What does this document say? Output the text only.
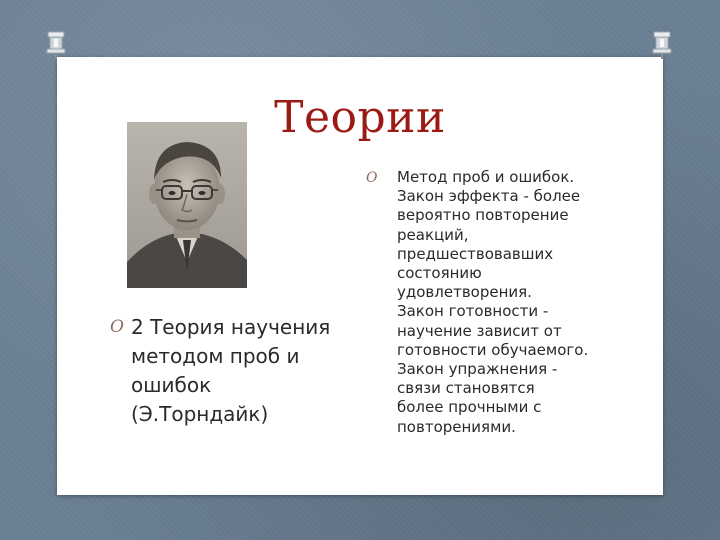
Теории
O 2 Теория научения
методом проб и
ошибок
(Э.Торндайк)
O Метод проб и ошибок.
Закон эффекта - более
вероятно повторение
реакций,
предшествовавших
состоянию
удовлетворения.
Закон готовности -
научение зависит от
готовности обучаемого.
Закон упражнения -
связи становятся
более прочными с
повторениями.
